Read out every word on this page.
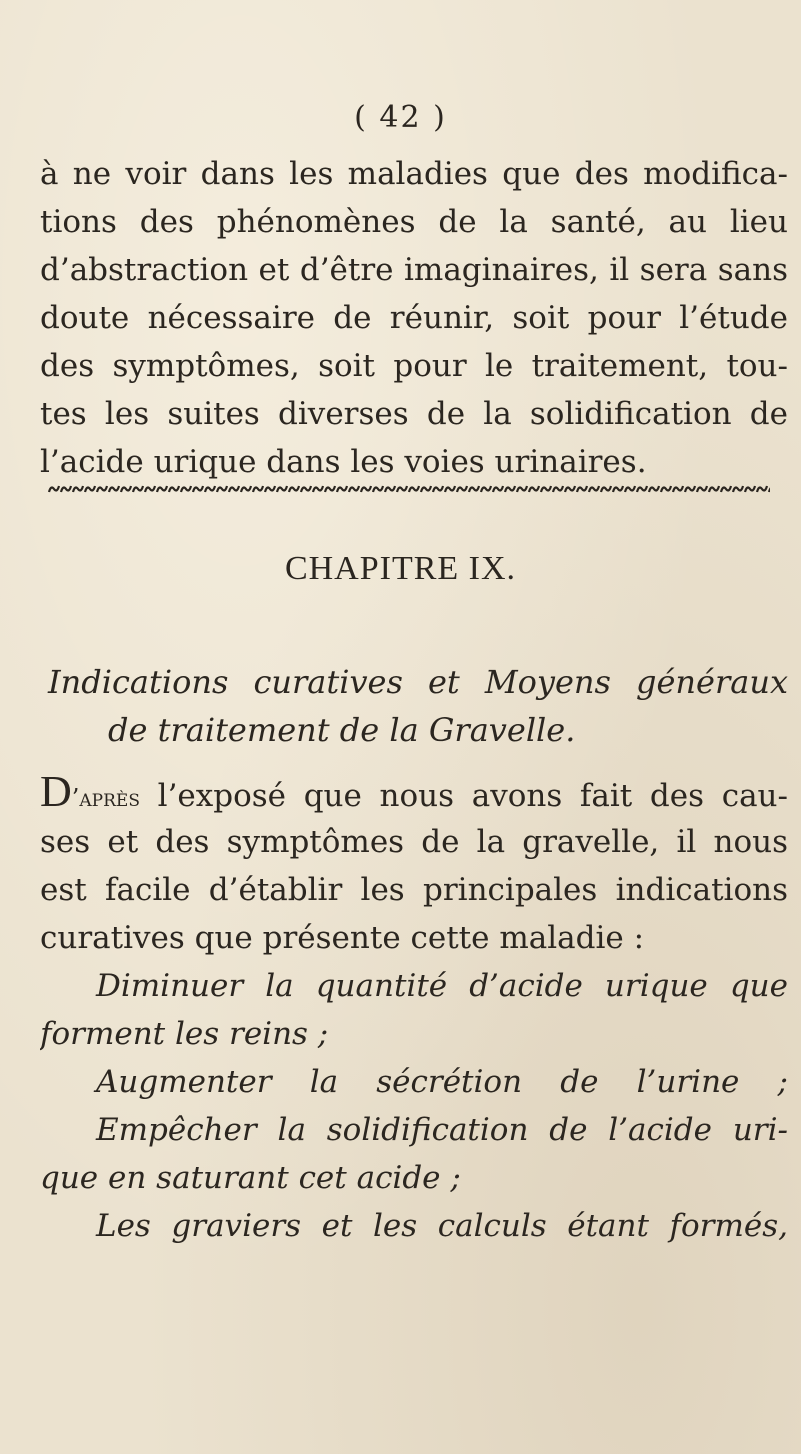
( 42 )
à ne voir dans les maladies que des modifica-
tions des phénomènes de la santé, au lieu
d’abstraction et d’être imaginaires, il sera sans
doute nécessaire de réunir, soit pour l’étude
des symptômes, soit pour le traitement, tou-
tes les suites diverses de la solidification de
l’acide urique dans les voies urinaires.
CHAPITRE IX.
Indications curatives et Moyens généraux
de traitement de la Gravelle.
D’après l’exposé que nous avons fait des cau-
ses et des symptômes de la gravelle, il nous
est facile d’établir les principales indications
curatives que présente cette maladie :
Diminuer la quantité d’acide urique que
forment les reins ;
Augmenter la sécrétion de l’urine ;
Empêcher la solidification de l’acide uri-
que en saturant cet acide ;
Les graviers et les calculs étant formés,
